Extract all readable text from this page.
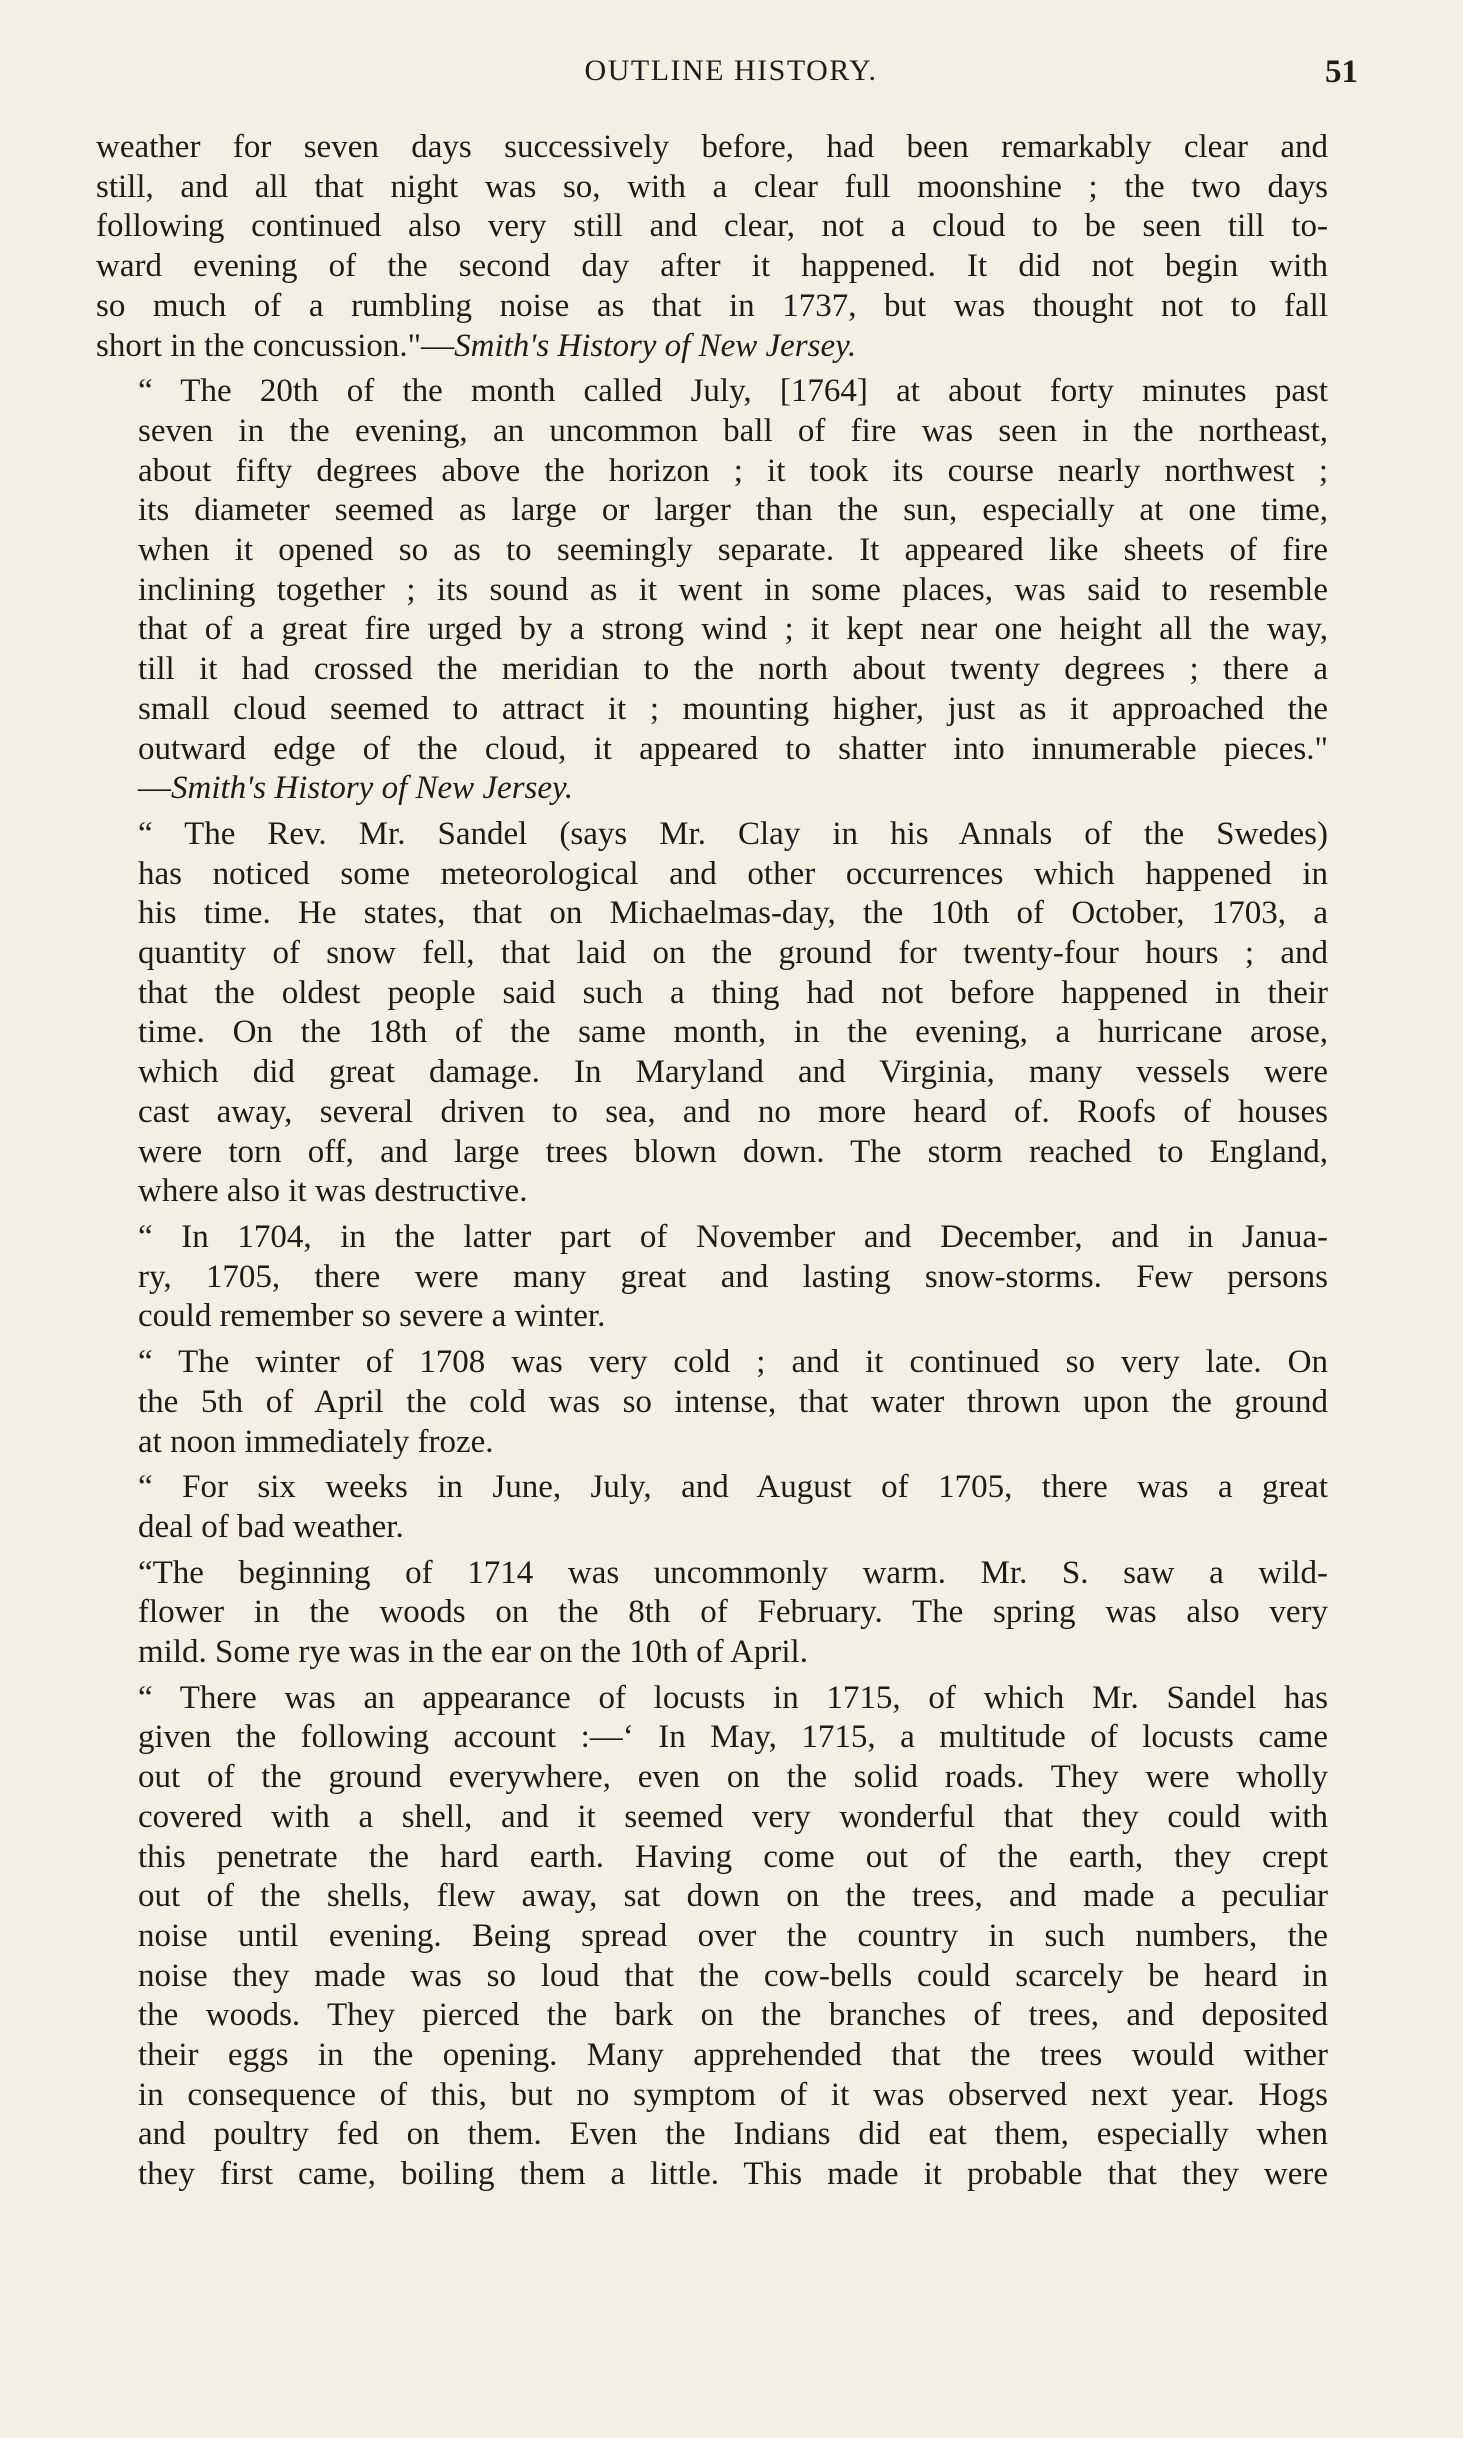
OUTLINE HISTORY.	51

weather for seven days successively before, had been remarkably clear and
still, and all that night was so, with a clear full moonshine ; the two days
following continued also very still and clear, not a cloud to be seen till to-
ward evening of the second day after it happened. It did not begin with
so much of a rumbling noise as that in 1737, but was thought not to fall
short in the concussion."—Smith's History of New Jersey.

“ The 20th of the month called July, [1764] at about forty minutes past
seven in the evening, an uncommon ball of fire was seen in the northeast,
about fifty degrees above the horizon ; it took its course nearly northwest ;
its diameter seemed as large or larger than the sun, especially at one time,
when it opened so as to seemingly separate. It appeared like sheets of fire
inclining together ; its sound as it went in some places, was said to resemble
that of a great fire urged by a strong wind ; it kept near one height all the way,
till it had crossed the meridian to the north about twenty degrees ; there a
small cloud seemed to attract it ; mounting higher, just as it approached the
outward edge of the cloud, it appeared to shatter into innumerable pieces."
—Smith's History of New Jersey.

“ The Rev. Mr. Sandel (says Mr. Clay in his Annals of the Swedes)
has noticed some meteorological and other occurrences which happened in
his time. He states, that on Michaelmas-day, the 10th of October, 1703, a
quantity of snow fell, that laid on the ground for twenty-four hours ; and
that the oldest people said such a thing had not before happened in their
time. On the 18th of the same month, in the evening, a hurricane arose,
which did great damage. In Maryland and Virginia, many vessels were
cast away, several driven to sea, and no more heard of. Roofs of houses
were torn off, and large trees blown down. The storm reached to England,
where also it was destructive.

“ In 1704, in the latter part of November and December, and in Janua-
ry, 1705, there were many great and lasting snow-storms. Few persons
could remember so severe a winter.

“ The winter of 1708 was very cold ; and it continued so very late. On
the 5th of April the cold was so intense, that water thrown upon the ground
at noon immediately froze.

“ For six weeks in June, July, and August of 1705, there was a great
deal of bad weather.

“The beginning of 1714 was uncommonly warm. Mr. S. saw a wild-
flower in the woods on the 8th of February. The spring was also very
mild. Some rye was in the ear on the 10th of April.

“ There was an appearance of locusts in 1715, of which Mr. Sandel has
given the following account :—‘ In May, 1715, a multitude of locusts came
out of the ground everywhere, even on the solid roads. They were wholly
covered with a shell, and it seemed very wonderful that they could with
this penetrate the hard earth. Having come out of the earth, they crept
out of the shells, flew away, sat down on the trees, and made a peculiar
noise until evening. Being spread over the country in such numbers, the
noise they made was so loud that the cow-bells could scarcely be heard in
the woods. They pierced the bark on the branches of trees, and deposited
their eggs in the opening. Many apprehended that the trees would wither
in consequence of this, but no symptom of it was observed next year. Hogs
and poultry fed on them. Even the Indians did eat them, especially when
they first came, boiling them a little. This made it probable that they were
